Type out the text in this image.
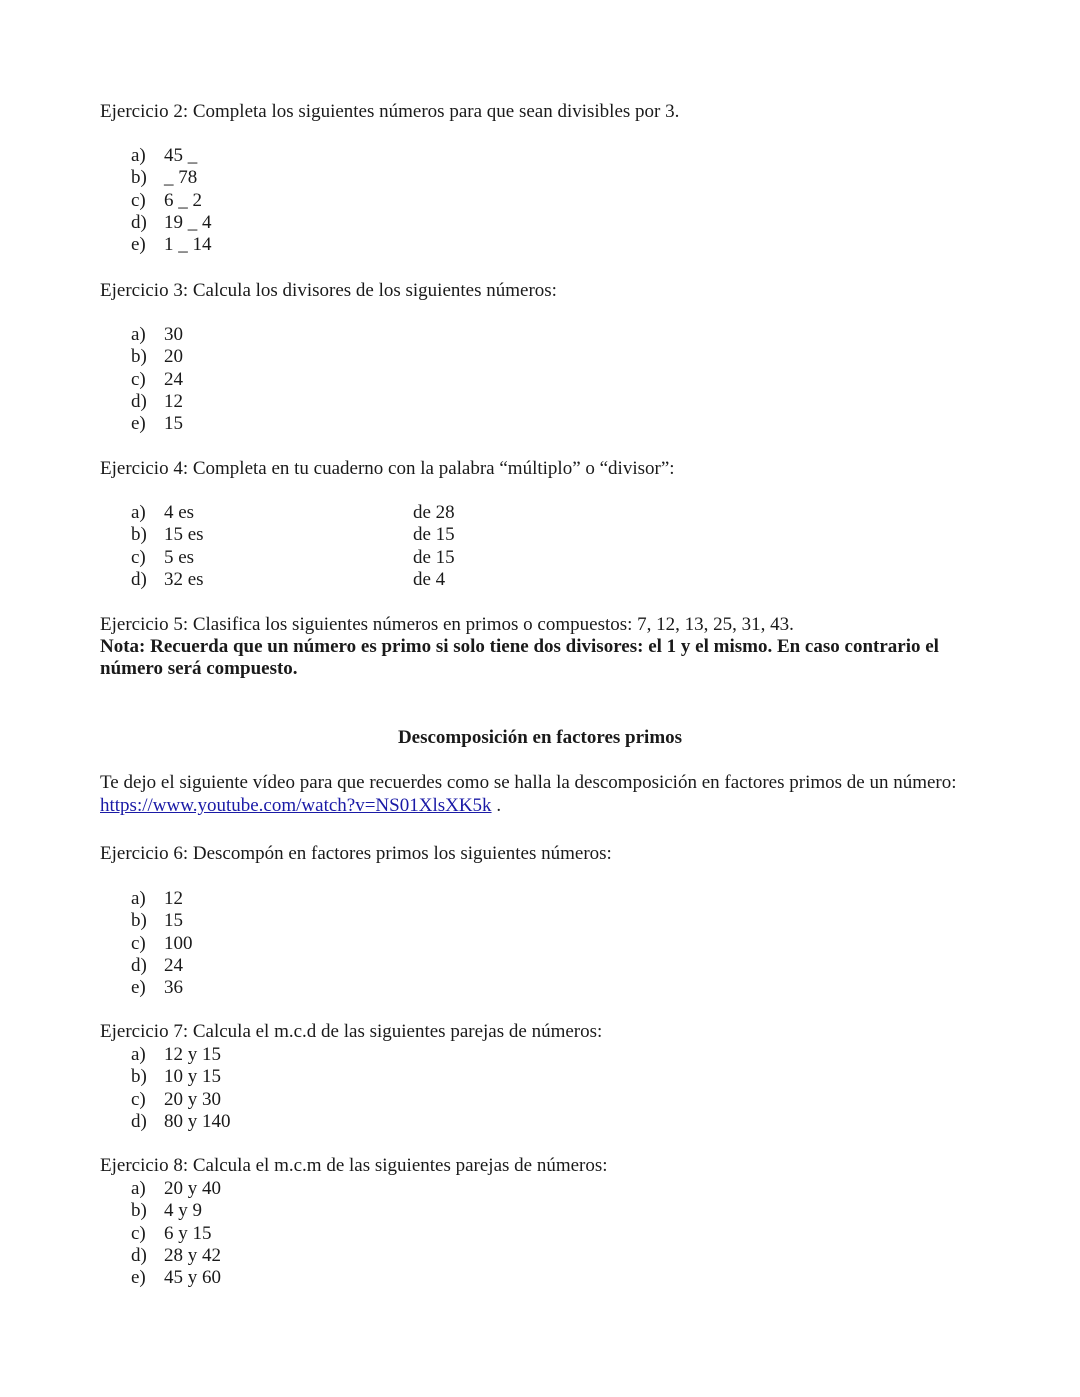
Ejercicio 2: Completa los siguientes números para que sean divisibles por 3.
a) 45 _
b) _ 78
c) 6 _ 2
d) 19 _ 4
e) 1 _ 14
Ejercicio 3: Calcula los divisores de los siguientes números:
a) 30
b) 20
c) 24
d) 12
e) 15
Ejercicio 4: Completa en tu cuaderno con la palabra “múltiplo” o “divisor”:
a) 4 es	de 28
b) 15 es	de 15
c) 5 es	de 15
d) 32 es	de 4
Ejercicio 5: Clasifica los siguientes números en primos o compuestos: 7, 12, 13, 25, 31, 43.
Nota: Recuerda que un número es primo si solo tiene dos divisores: el 1 y el mismo. En caso contrario el
número será compuesto.
Descomposición en factores primos
Te dejo el siguiente vídeo para que recuerdes como se halla la descomposición en factores primos de un número:
https://www.youtube.com/watch?v=NS01XlsXK5k .
Ejercicio 6: Descompón en factores primos los siguientes números:
a) 12
b) 15
c) 100
d) 24
e) 36
Ejercicio 7: Calcula el m.c.d de las siguientes parejas de números:
a) 12 y 15
b) 10 y 15
c) 20 y 30
d) 80 y 140
Ejercicio 8: Calcula el m.c.m de las siguientes parejas de números:
a) 20 y 40
b) 4 y 9
c) 6 y 15
d) 28 y 42
e) 45 y 60
